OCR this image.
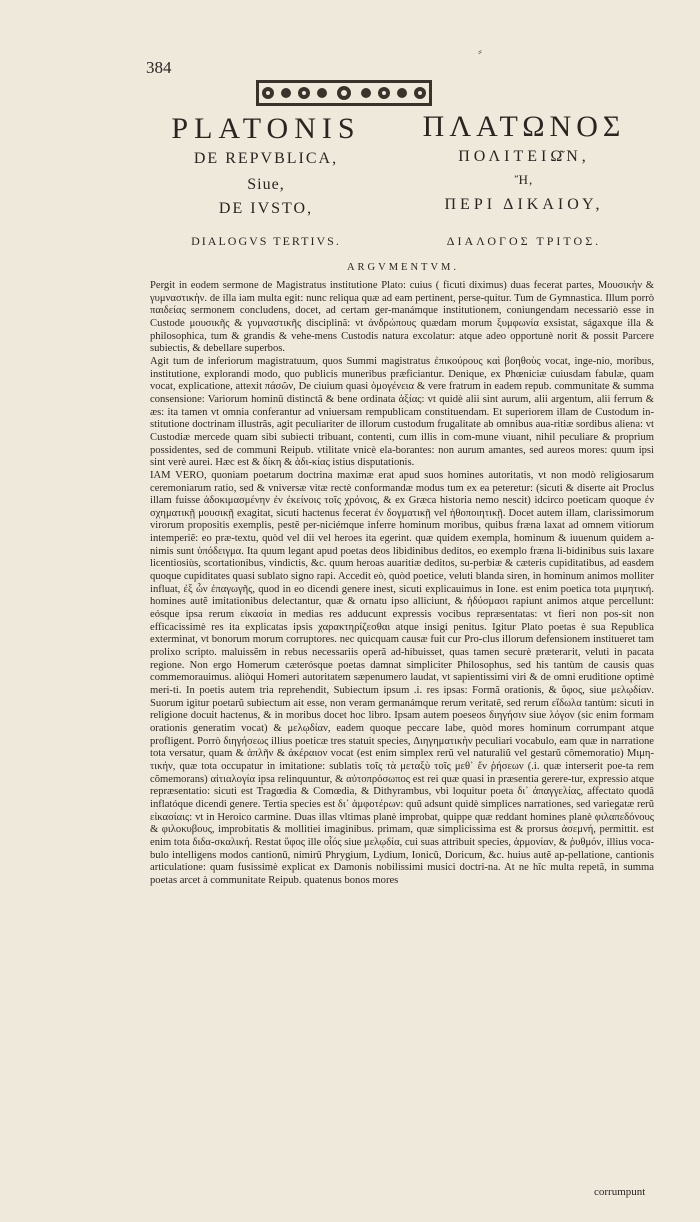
384
⸗
PLATONIS
DE REPVBLICA,
Siue,
DE IVSTO,
DIALOGVS TERTIVS.
ΠΛΑΤΩΝΟΣ
ΠΟΛΙΤΕΙΩ͂Ν,
Ἤ,
ΠΕΡΙ ΔΙΚΑΙΟΥ,
ΔΙΑΛΟΓΟΣ ΤΡΙΤΟΣ.
ARGVMENTVM.

Pergit in eodem sermone de Magistratus institutione Plato: cuius ( ficuti diximus) duas fecerat partes, Μουσικὴν & γυμναστικὴν. de illa iam multa egit: nunc reliqua quæ ad eam pertinent, perse-quitur. Tum de Gymnastica. Illum porrò παιδείας sermonem concludens, docet, ad certam ger-manámque institutionem, coniungendam necessariò esse in Custode μουσικῆς & γυμναστικῆς disciplinã: vt ἀνδρώπους quædam morum ξυμφωνία exsistat, ságaxque illa & philosophica, tum & grandis & vehe-mens Custodis natura excolatur: atque adeo opportunè norit & possit Parcere subiectis, & debellare superbos.

Agit tum de inferiorum magistratuum, quos Summi magistratus ἐπικούρους καὶ βοηθοὺς vocat, inge-nio, moribus, institutione, explorandi modo, quo publicis muneribus præficiantur. Denique, ex Phœniciæ cuiusdam fabulæ, quam vocat, explicatione, attexit πάσῶν, De ciuium quasi ὁμογένεια & vere fratrum in eadem repub. communitate & summa consensione: Variorum hominũ distinctã & bene ordinata ἀξίας: vt quidè alii sint aurum, alii argentum, alii ferrum & æs: ita tamen vt omnia conferantur ad vniuersam rempublicam constituendam. Et superiorem illam de Custodum in-stitutione doctrinam illustrãs, agit peculiariter de illorum custodum frugalitate ab omnibus aua-ritiæ sordibus aliena: vt Custodiæ mercede quam sibi subiecti tribuant, contenti, cum illis in com-mune viuant, nihil peculiare & proprium possidentes, sed de communi Reipub. vtilitate vnicè ela-borantes: non aurum amantes, sed aureos mores: quum ipsi sint verè aurei. Hæc est & δίκη & ἀδι-κίας istius disputationis.

IAM VERO, quoniam poetarum doctrina maximæ erat apud suos homines autoritatis, vt non modò religiosarum ceremoniarum ratio, sed & vniversæ vitæ rectè conformandæ modus tum ex ea peteretur: (sicuti & diserte ait Proclus illam fuisse ἀδοκιμασμένην ἐν ἐκείνοις τοῖς χρόνοις, & ex Græca historia nemo nescit) idcirco poeticam quoque ἐν σχηματικῇ μουσικῇ exagitat, sicuti hactenus fecerat ἐν δογματικῇ vel ἡθοποιητικῇ. Docet autem illam, clarissimorum virorum propositis exemplis, pestẽ per-niciémque inferre hominum moribus, quibus fræna laxat ad omnem vitiorum intemperiẽ: eo præ-textu, quòd vel dii vel heroes ita egerint. quæ quidem exempla, hominum & iuuenum quidem a-nimis sunt ὑπόδειγμα. Ita quum legant apud poetas deos libidinibus deditos, eo exemplo fræna li-bidinibus suis laxare licentiosiùs, scortationibus, vindictis, &c. quum heroas auaritiæ deditos, su-perbiæ & cæteris cupiditatibus, ad easdem quoque cupiditates quasi sublato signo rapi. Accedit eò, quòd poetice, veluti blanda siren, in hominum animos molliter influat, ἐξ ὧν ἐπαγωγῆς, quod in eo dicendi genere inest, sicuti explicauimus in Ione. est enim poetica tota μιμητική. homines autẽ imitationibus delectantur, quæ & ornatu ipso alliciunt, & ἡδύσμασι rapiunt animos atque percellunt: eósque ipsa rerum εἰκασία in medias res adducunt expressis vocibus repræsentatas: vt fieri non pos-sit non efficacissimè res ita explicatas ipsis χαρακτηρίζεσθαι atque insigi penitus. Igitur Plato poetas è sua Republica exterminat, vt bonorum morum corruptores. nec quicquam causæ fuit cur Pro-clus illorum defensionem institueret tam prolixo scripto. maluissẽm in rebus necessariis operã ad-hibuisset, quas tamen securè præterагit, veluti in pacata regione. Non ergo Homerum cæterósque poetas damnat simpliciter Philosophus, sed his tantùm de causis quas commemorauimus. aliòqui Homeri autoritatem sæpenumero laudat, vt sapientissimi viri & de omni eruditione optimè meri-ti. In poetis autem tria reprehendit, Subiectum ipsum .i. res ipsas: Formã orationis, & ὕφος, siue μελῳδίαν. Suorum igitur poetarũ subiectum ait esse, non veram germanámque rerum veritatẽ, sed rerum εἴδωλα tantùm: sicuti in religione docuit hactenus, & in moribus docet hoc libro. Ipsam autem poeseos διηγήσιν siue λόγον (sic enim formam orationis generatim vocat) & μελῳδίαν, eadem quoque peccare labe, quòd mores hominum corrumpant atque profligent. Porrò διηγήσεως illius poeticæ tres statuit species, Διηγηματικὴν peculiari vocabulo, eam quæ in narratione tota versatur, quam & ἁπλῆν & ἀκέραιον vocat (est enim simplex rerũ vel naturaliũ vel gestarũ cõmemoratio) Μιμη-τικήν, quæ tota occupatur in imitatione: sublatis τοῖς τὰ μεταξὺ τοῖς μεθ᾿ ἕν ῥήσεων (.i. quæ interserit poe-ta rem cõmemorans) αἰτιαλογία ipsa relinquuntur, & αὐτοπρόσωπος est rei quæ quasi in præsentia gerere-tur, expressio atque repræsentatio: sicuti est Tragœdia & Comœdia, & Dithyrambus, vbi loquitur poeta δι᾿ ἀπαγγελίας, affectato quodã inflatóque dicendi genere. Tertia species est δι᾿ ἀμφοτέρων: quũ adsunt quidè simplices narrationes, sed variegatæ rerũ εἰκασίαις: vt in Heroico carmine. Duas illas vltimas planè improbat, quippe quæ reddant homines planè φιλαπεδόνους & φιλοκυβους, improbitatis & mollitiei imaginibus. primam, quæ simplicissima est & prorsus ἀσεμνή, permittit. est enim tota διδα-σκαλική. Restat ὕφος ille οἷός siue μελῳδία, cui suas attribuit species, ἁρμονίαν, & ῥυθμόν, illius voca-bulo intelligens modos cantionũ, nimirũ Phrygium, Lydium, Ionicũ, Doricum, &c. huius autẽ ap-pellatione, cantionis articulatione: quam fusissimè explicat ex Damonis nobilissimi musici doctri-na. At ne hîc multa repetã, in summa poetas arcet à communitate Reipub. quatenus bonos mores

corrumpunt
